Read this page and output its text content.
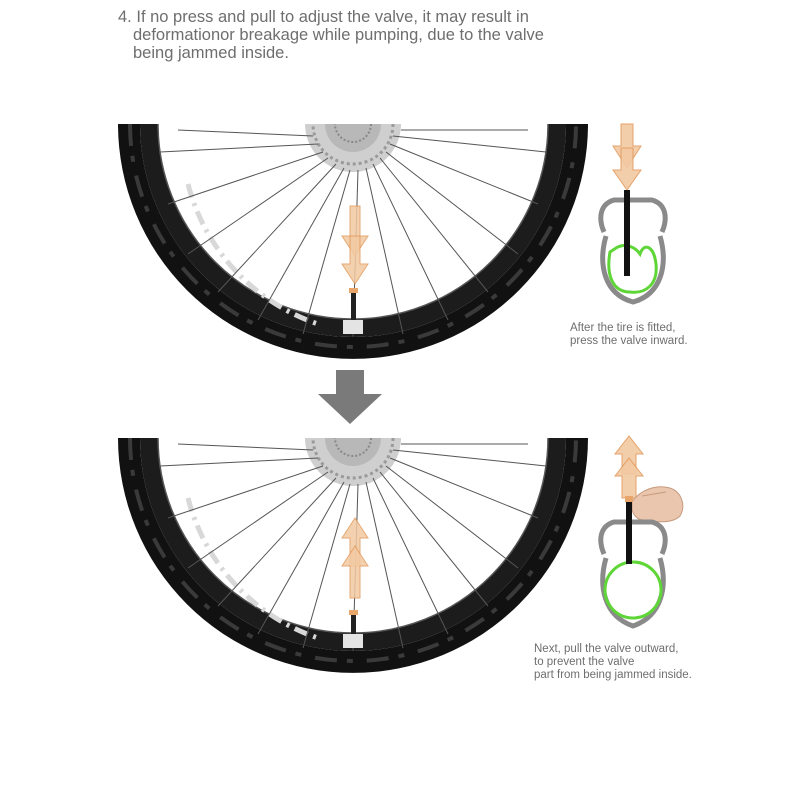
4. If no press and pull to adjust the valve, it may result in
deformationor breakage while pumping, due to the valve
being jammed inside.
After the tire is fitted,
press the valve inward.
Next, pull the valve outward,
to prevent the valve
part from being jammed inside.
